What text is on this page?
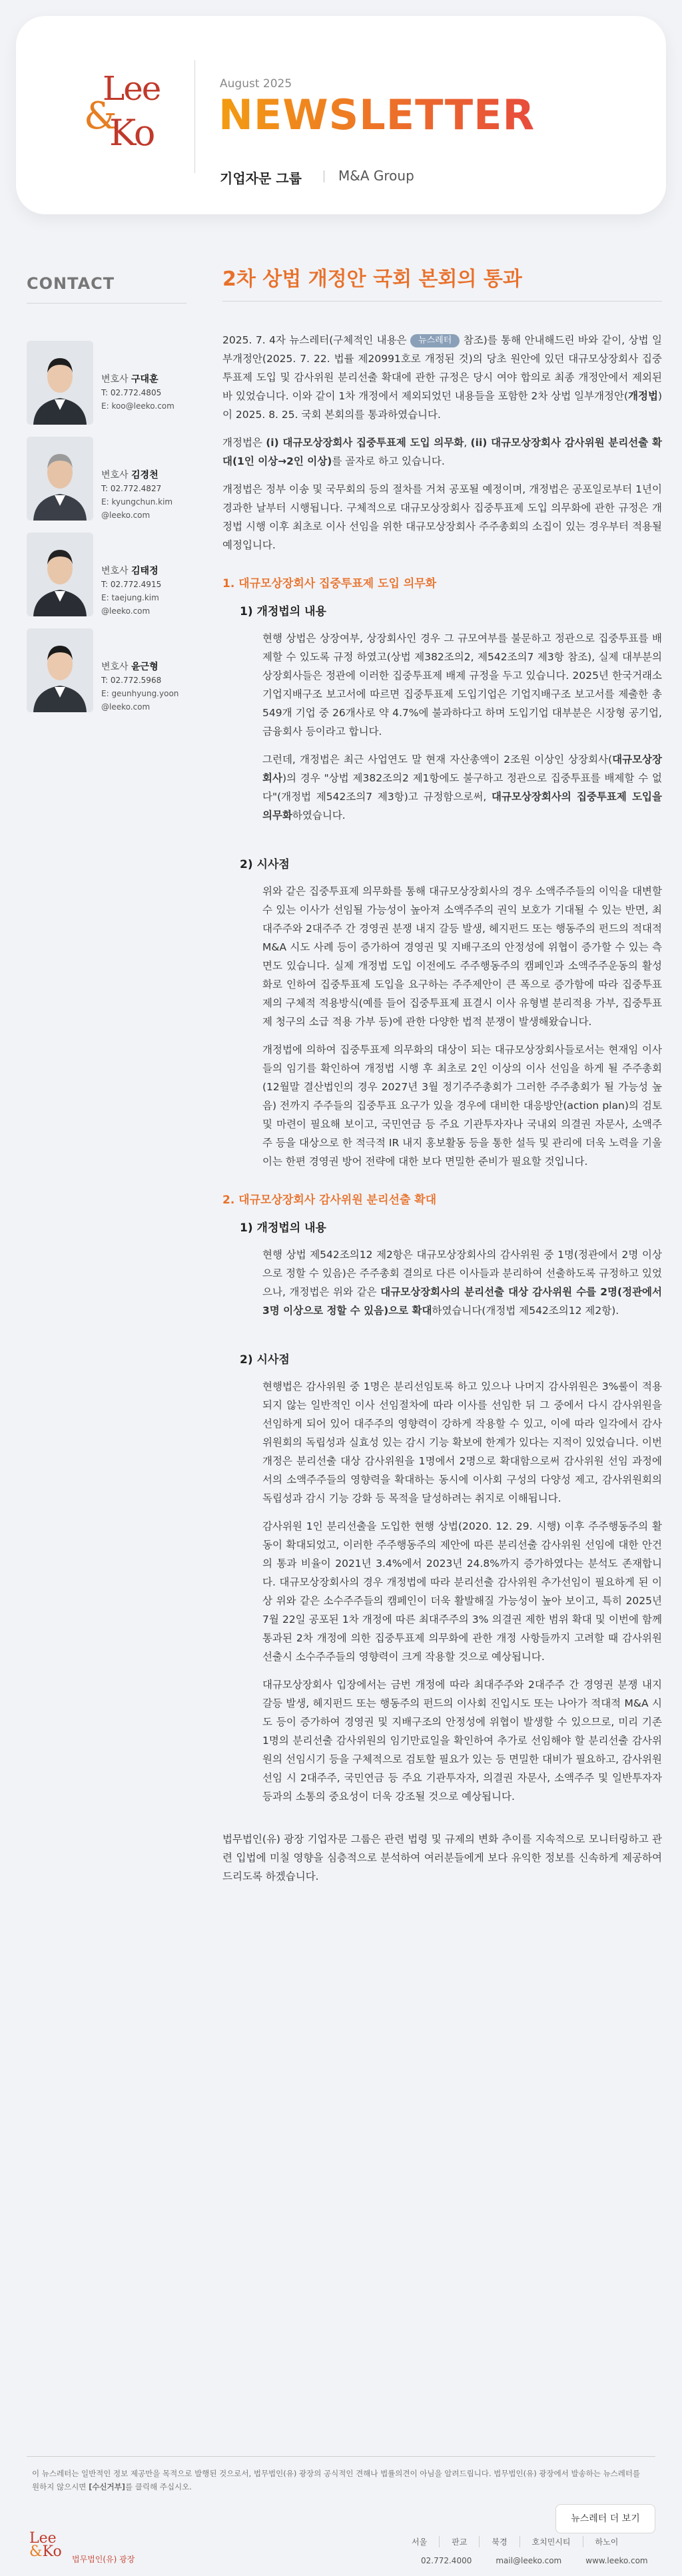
Lee
&
Ko
August 2025
NEWSLETTER
기업자문 그룹	M&A Group
CONTACT
변호사 구대훈
T: 02.772.4805
E: koo@leeko.com
변호사 김경천
T: 02.772.4827
E: kyungchun.kim
@leeko.com
변호사 김태정
T: 02.772.4915
E: taejung.kim
@leeko.com
변호사 윤근형
T: 02.772.5968
E: geunhyung.yoon
@leeko.com
2차 상법 개정안 국회 본회의 통과

2025. 7. 4자 뉴스레터(구체적인 내용은 뉴스레터 참조)를 통해 안내해드린 바와 같이, 상법 일부개정안(2025. 7. 22. 법률 제20991호로 개정된 것)의 당초 원안에 있던 대규모상장회사 집중투표제 도입 및 감사위원 분리선출 확대에 관한 규정은 당시 여야 합의로 최종 개정안에서 제외된 바 있었습니다. 이와 같이 1차 개정에서 제외되었던 내용들을 포함한 2차 상법 일부개정안(개정법)이 2025. 8. 25. 국회 본회의를 통과하였습니다.

개정법은 (i) 대규모상장회사 집중투표제 도입 의무화, (ii) 대규모상장회사 감사위원 분리선출 확대(1인 이상→2인 이상)를 골자로 하고 있습니다.

개정법은 정부 이송 및 국무회의 등의 절차를 거쳐 공포될 예정이며, 개정법은 공포일로부터 1년이 경과한 날부터 시행됩니다. 구체적으로 대규모상장회사 집중투표제 도입 의무화에 관한 규정은 개정법 시행 이후 최초로 이사 선임을 위한 대규모상장회사 주주총회의 소집이 있는 경우부터 적용될 예정입니다.

1. 대규모상장회사 집중투표제 도입 의무화
1) 개정법의 내용

현행 상법은 상장여부, 상장회사인 경우 그 규모여부를 불문하고 정관으로 집중투표를 배제할 수 있도록 규정 하였고(상법 제382조의2, 제542조의7 제3항 참조), 실제 대부분의 상장회사들은 정관에 이러한 집중투표제 배제 규정을 두고 있습니다. 2025년 한국거래소 기업지배구조 보고서에 따르면 집중투표제 도입기업은 기업지배구조 보고서를 제출한 총 549개 기업 중 26개사로 약 4.7%에 불과하다고 하며 도입기업 대부분은 시장형 공기업, 금융회사 등이라고 합니다.

그런데, 개정법은 최근 사업연도 말 현재 자산총액이 2조원 이상인 상장회사(대규모상장회사)의 경우 "상법 제382조의2 제1항에도 불구하고 정관으로 집중투표를 배제할 수 없다"(개정법 제542조의7 제3항)고 규정함으로써, 대규모상장회사의 집중투표제 도입을 의무화하였습니다.

2) 시사점

위와 같은 집중투표제 의무화를 통해 대규모상장회사의 경우 소액주주들의 이익을 대변할 수 있는 이사가 선임될 가능성이 높아져 소액주주의 권익 보호가 기대될 수 있는 반면, 최대주주와 2대주주 간 경영권 분쟁 내지 갈등 발생, 헤지펀드 또는 행동주의 펀드의 적대적 M&A 시도 사례 등이 증가하여 경영권 및 지배구조의 안정성에 위협이 증가할 수 있는 측면도 있습니다. 실제 개정법 도입 이전에도 주주행동주의 캠페인과 소액주주운동의 활성화로 인하여 집중투표제 도입을 요구하는 주주제안이 큰 폭으로 증가함에 따라 집중투표제의 구체적 적용방식(예를 들어 집중투표제 표결시 이사 유형별 분리적용 가부, 집중투표제 청구의 소급 적용 가부 등)에 관한 다양한 법적 분쟁이 발생해왔습니다.

개정법에 의하여 집중투표제 의무화의 대상이 되는 대규모상장회사들로서는 현재임 이사들의 임기를 확인하여 개정법 시행 후 최초로 2인 이상의 이사 선임을 하게 될 주주총회(12월말 결산법인의 경우 2027년 3월 정기주주총회가 그러한 주주총회가 될 가능성 높음) 전까지 주주들의 집중투표 요구가 있을 경우에 대비한 대응방안(action plan)의 검토 및 마련이 필요해 보이고, 국민연금 등 주요 기관투자자나 국내외 의결권 자문사, 소액주주 등을 대상으로 한 적극적 IR 내지 홍보활동 등을 통한 설득 및 관리에 더욱 노력을 기울이는 한편 경영권 방어 전략에 대한 보다 면밀한 준비가 필요할 것입니다.

2. 대규모상장회사 감사위원 분리선출 확대
1) 개정법의 내용

현행 상법 제542조의12 제2항은 대규모상장회사의 감사위원 중 1명(정관에서 2명 이상으로 정할 수 있음)은 주주총회 결의로 다른 이사들과 분리하여 선출하도록 규정하고 있었으나, 개정법은 위와 같은 대규모상장회사의 분리선출 대상 감사위원 수를 2명(정관에서 3명 이상으로 정할 수 있음)으로 확대하였습니다(개정법 제542조의12 제2항).

2) 시사점

현행법은 감사위원 중 1명은 분리선임토록 하고 있으나 나머지 감사위원은 3%룰이 적용되지 않는 일반적인 이사 선임절차에 따라 이사를 선임한 뒤 그 중에서 다시 감사위원을 선임하게 되어 있어 대주주의 영향력이 강하게 작용할 수 있고, 이에 따라 일각에서 감사위원회의 독립성과 실효성 있는 감시 기능 확보에 한계가 있다는 지적이 있었습니다. 이번 개정은 분리선출 대상 감사위원을 1명에서 2명으로 확대함으로써 감사위원 선임 과정에서의 소액주주들의 영향력을 확대하는 동시에 이사회 구성의 다양성 제고, 감사위원회의 독립성과 감시 기능 강화 등 목적을 달성하려는 취지로 이해됩니다.

감사위원 1인 분리선출을 도입한 현행 상법(2020. 12. 29. 시행) 이후 주주행동주의 활동이 확대되었고, 이러한 주주행동주의 제안에 따른 분리선출 감사위원 선임에 대한 안건의 통과 비율이 2021년 3.4%에서 2023년 24.8%까지 증가하였다는 분석도 존재합니다. 대규모상장회사의 경우 개정법에 따라 분리선출 감사위원 추가선임이 필요하게 된 이상 위와 같은 소수주주들의 캠페인이 더욱 활발해질 가능성이 높아 보이고, 특히 2025년 7월 22일 공포된 1차 개정에 따른 최대주주의 3% 의결권 제한 범위 확대 및 이번에 함께 통과된 2차 개정에 의한 집중투표제 의무화에 관한 개정 사항들까지 고려할 때 감사위원 선출시 소수주주들의 영향력이 크게 작용할 것으로 예상됩니다.

대규모상장회사 입장에서는 금번 개정에 따라 최대주주와 2대주주 간 경영권 분쟁 내지 갈등 발생, 헤지펀드 또는 행동주의 펀드의 이사회 진입시도 또는 나아가 적대적 M&A 시도 등이 증가하여 경영권 및 지배구조의 안정성에 위협이 발생할 수 있으므로, 미리 기존 1명의 분리선출 감사위원의 임기만료일을 확인하여 추가로 선임해야 할 분리선출 감사위원의 선임시기 등을 구체적으로 검토할 필요가 있는 등 면밀한 대비가 필요하고, 감사위원 선임 시 2대주주, 국민연금 등 주요 기관투자자, 의결권 자문사, 소액주주 및 일반투자자 등과의 소통의 중요성이 더욱 강조될 것으로 예상됩니다.

법무법인(유) 광장 기업자문 그룹은 관련 법령 및 규제의 변화 추이를 지속적으로 모니터링하고 관련 입법에 미칠 영향을 심층적으로 분석하여 여러분들에게 보다 유익한 정보를 신속하게 제공하여 드리도록 하겠습니다.

이 뉴스레터는 일반적인 정보 제공만을 목적으로 발행된 것으로서, 법무법인(유) 광장의 공식적인 견해나 법률의견이 아님을 알려드립니다. 법무법인(유) 광장에서 발송하는 뉴스레터를 원하지 않으시면 [수신거부]를 클릭해 주십시오.
뉴스레터 더 보기
Lee
&Ko 법무법인(유) 광장
서울	판교	북경	호치민시티	하노이
02.772.4000	mail@leeko.com	www.leeko.com
